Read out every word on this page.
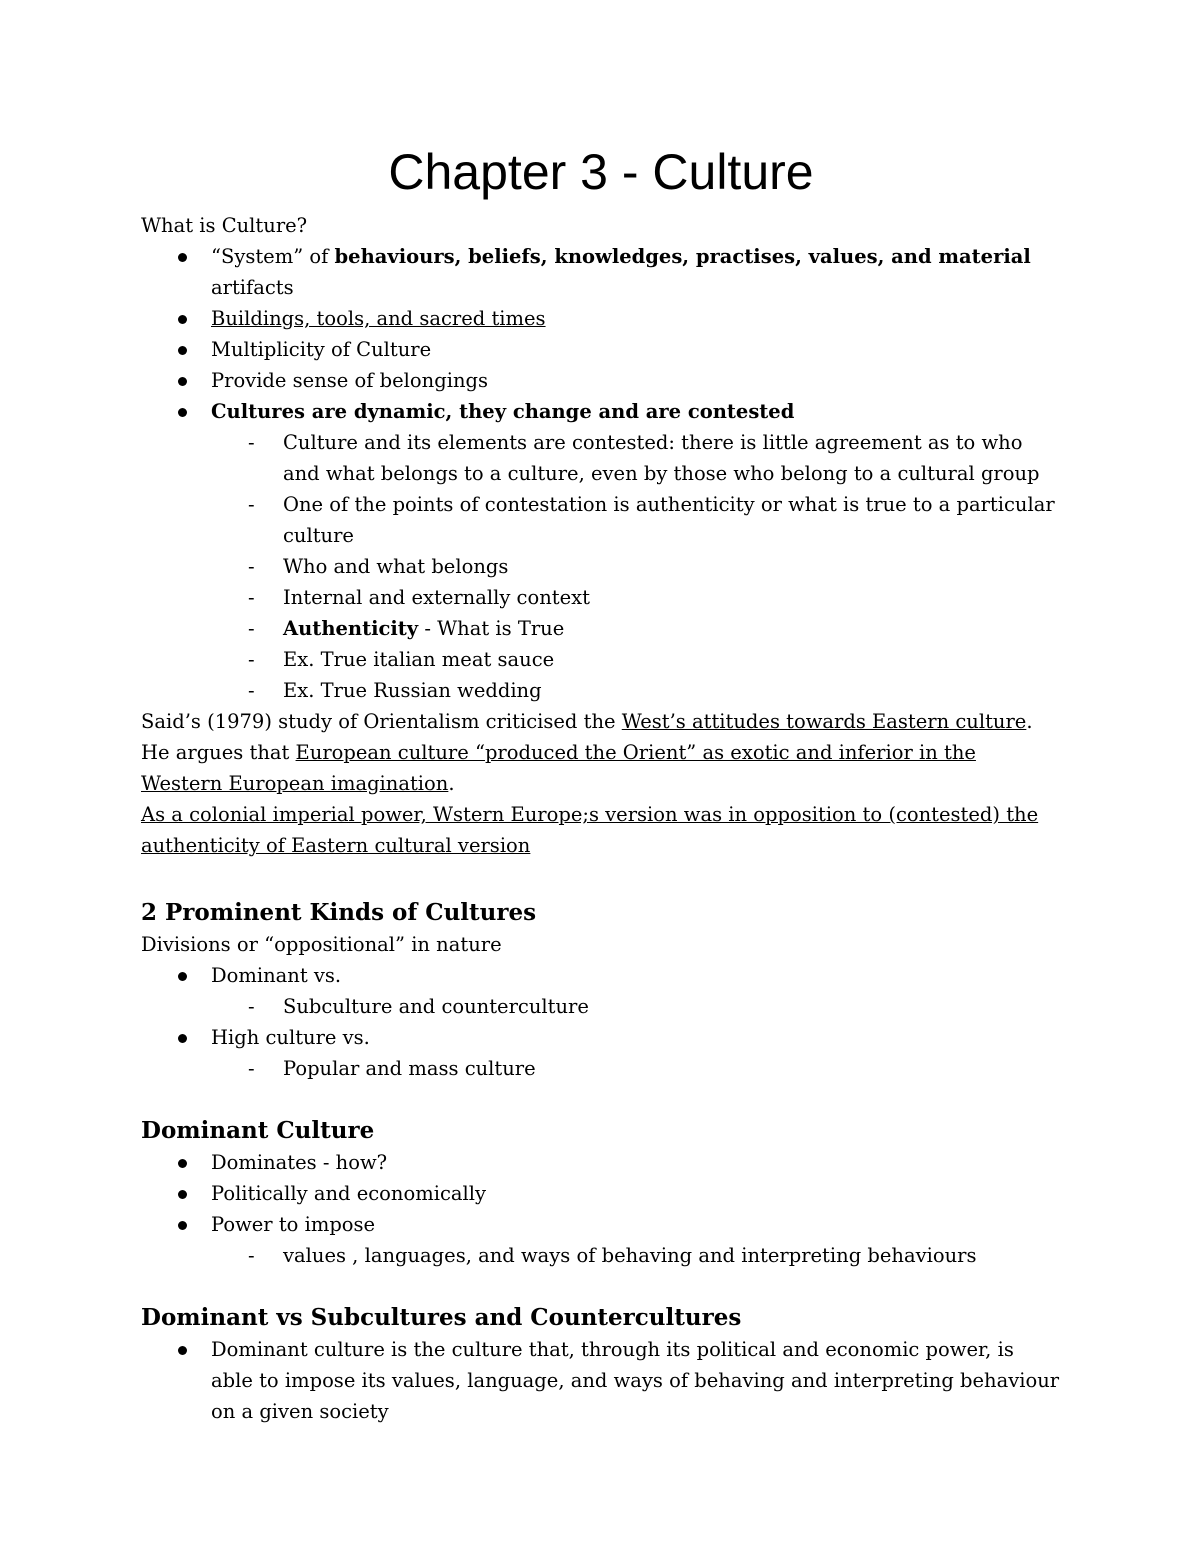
Chapter 3 - Culture
What is Culture?
“System” of behaviours, beliefs, knowledges, practises, values, and material artifacts
Buildings, tools, and sacred times
Multiplicity of Culture
Provide sense of belongings
Cultures are dynamic, they change and are contested
- Culture and its elements are contested: there is little agreement as to who and what belongs to a culture, even by those who belong to a cultural group
- One of the points of contestation is authenticity or what is true to a particular culture
- Who and what belongs
- Internal and externally context
- Authenticity - What is True
- Ex. True italian meat sauce
- Ex. True Russian wedding

Said’s (1979) study of Orientalism criticised the West’s attitudes towards Eastern culture. He argues that European culture “produced the Orient” as exotic and inferior in the Western European imagination.

As a colonial imperial power, Wstern Europe;s version was in opposition to (contested) the authenticity of Eastern cultural version

2 Prominent Kinds of Cultures
Divisions or “oppositional” in nature
Dominant vs.
- Subculture and counterculture
High culture vs.
- Popular and mass culture
Dominant Culture
Dominates - how?
Politically and economically
Power to impose
- values , languages, and ways of behaving and interpreting behaviours
Dominant vs Subcultures and Countercultures
Dominant culture is the culture that, through its political and economic power, is able to impose its values, language, and ways of behaving and interpreting behaviour on a given society
